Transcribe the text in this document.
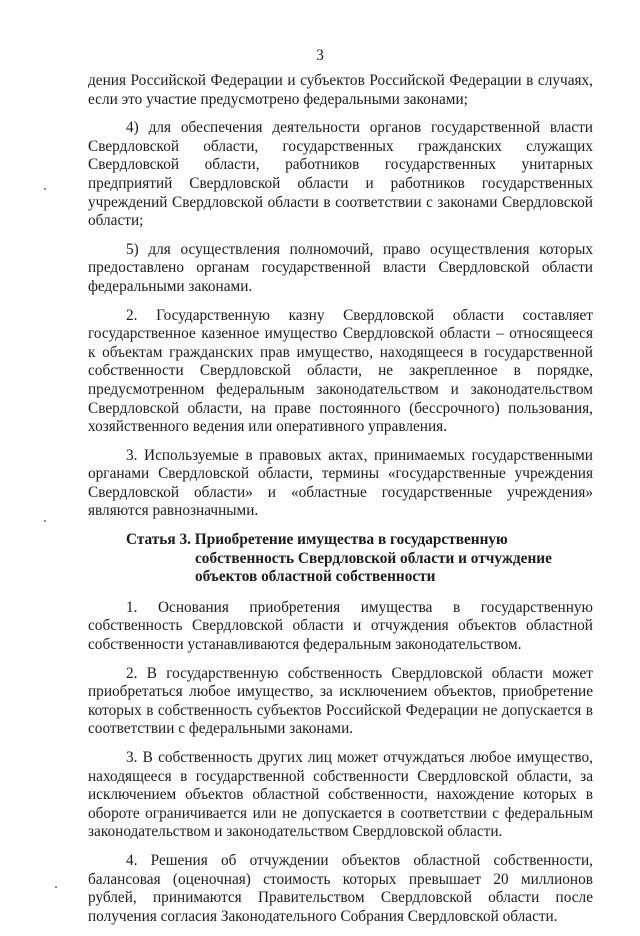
3

дения Российской Федерации и субъектов Российской Федерации в случаях, если это участие предусмотрено федеральными законами;

4) для обеспечения деятельности органов государственной власти Свердловской области, государственных гражданских служащих Свердловской области, работников государственных унитарных предприятий Свердловской области и работников государственных учреждений Свердловской области в соответствии с законами Свердловской области;

5) для осуществления полномочий, право осуществления которых предоставлено органам государственной власти Свердловской области федеральными законами.

2. Государственную казну Свердловской области составляет государственное казенное имущество Свердловской области – относящееся к объектам гражданских прав имущество, находящееся в государственной собственности Свердловской области, не закрепленное в порядке, предусмотренном федеральным законодательством и законодательством Свердловской области, на праве постоянного (бессрочного) пользования, хозяйственного ведения или оперативного управления.

3. Используемые в правовых актах, принимаемых государственными органами Свердловской области, термины «государственные учреждения Свердловской области» и «областные государственные учреждения» являются равнозначными.

Статья 3. Приобретение имущества в государственную
собственность Свердловской области и отчуждение
объектов областной собственности

1. Основания приобретения имущества в государственную собственность Свердловской области и отчуждения объектов областной собственности устанавливаются федеральным законодательством.

2. В государственную собственность Свердловской области может приобретаться любое имущество, за исключением объектов, приобретение которых в собственность субъектов Российской Федерации не допускается в соответствии с федеральными законами.

3. В собственность других лиц может отчуждаться любое имущество, находящееся в государственной собственности Свердловской области, за исключением объектов областной собственности, нахождение которых в обороте ограничивается или не допускается в соответствии с федеральным законодательством и законодательством Свердловской области.

4. Решения об отчуждении объектов областной собственности, балансовая (оценочная) стоимость которых превышает 20 миллионов рублей, принимаются Правительством Свердловской области после получения согласия Законодательного Собрания Свердловской области.
